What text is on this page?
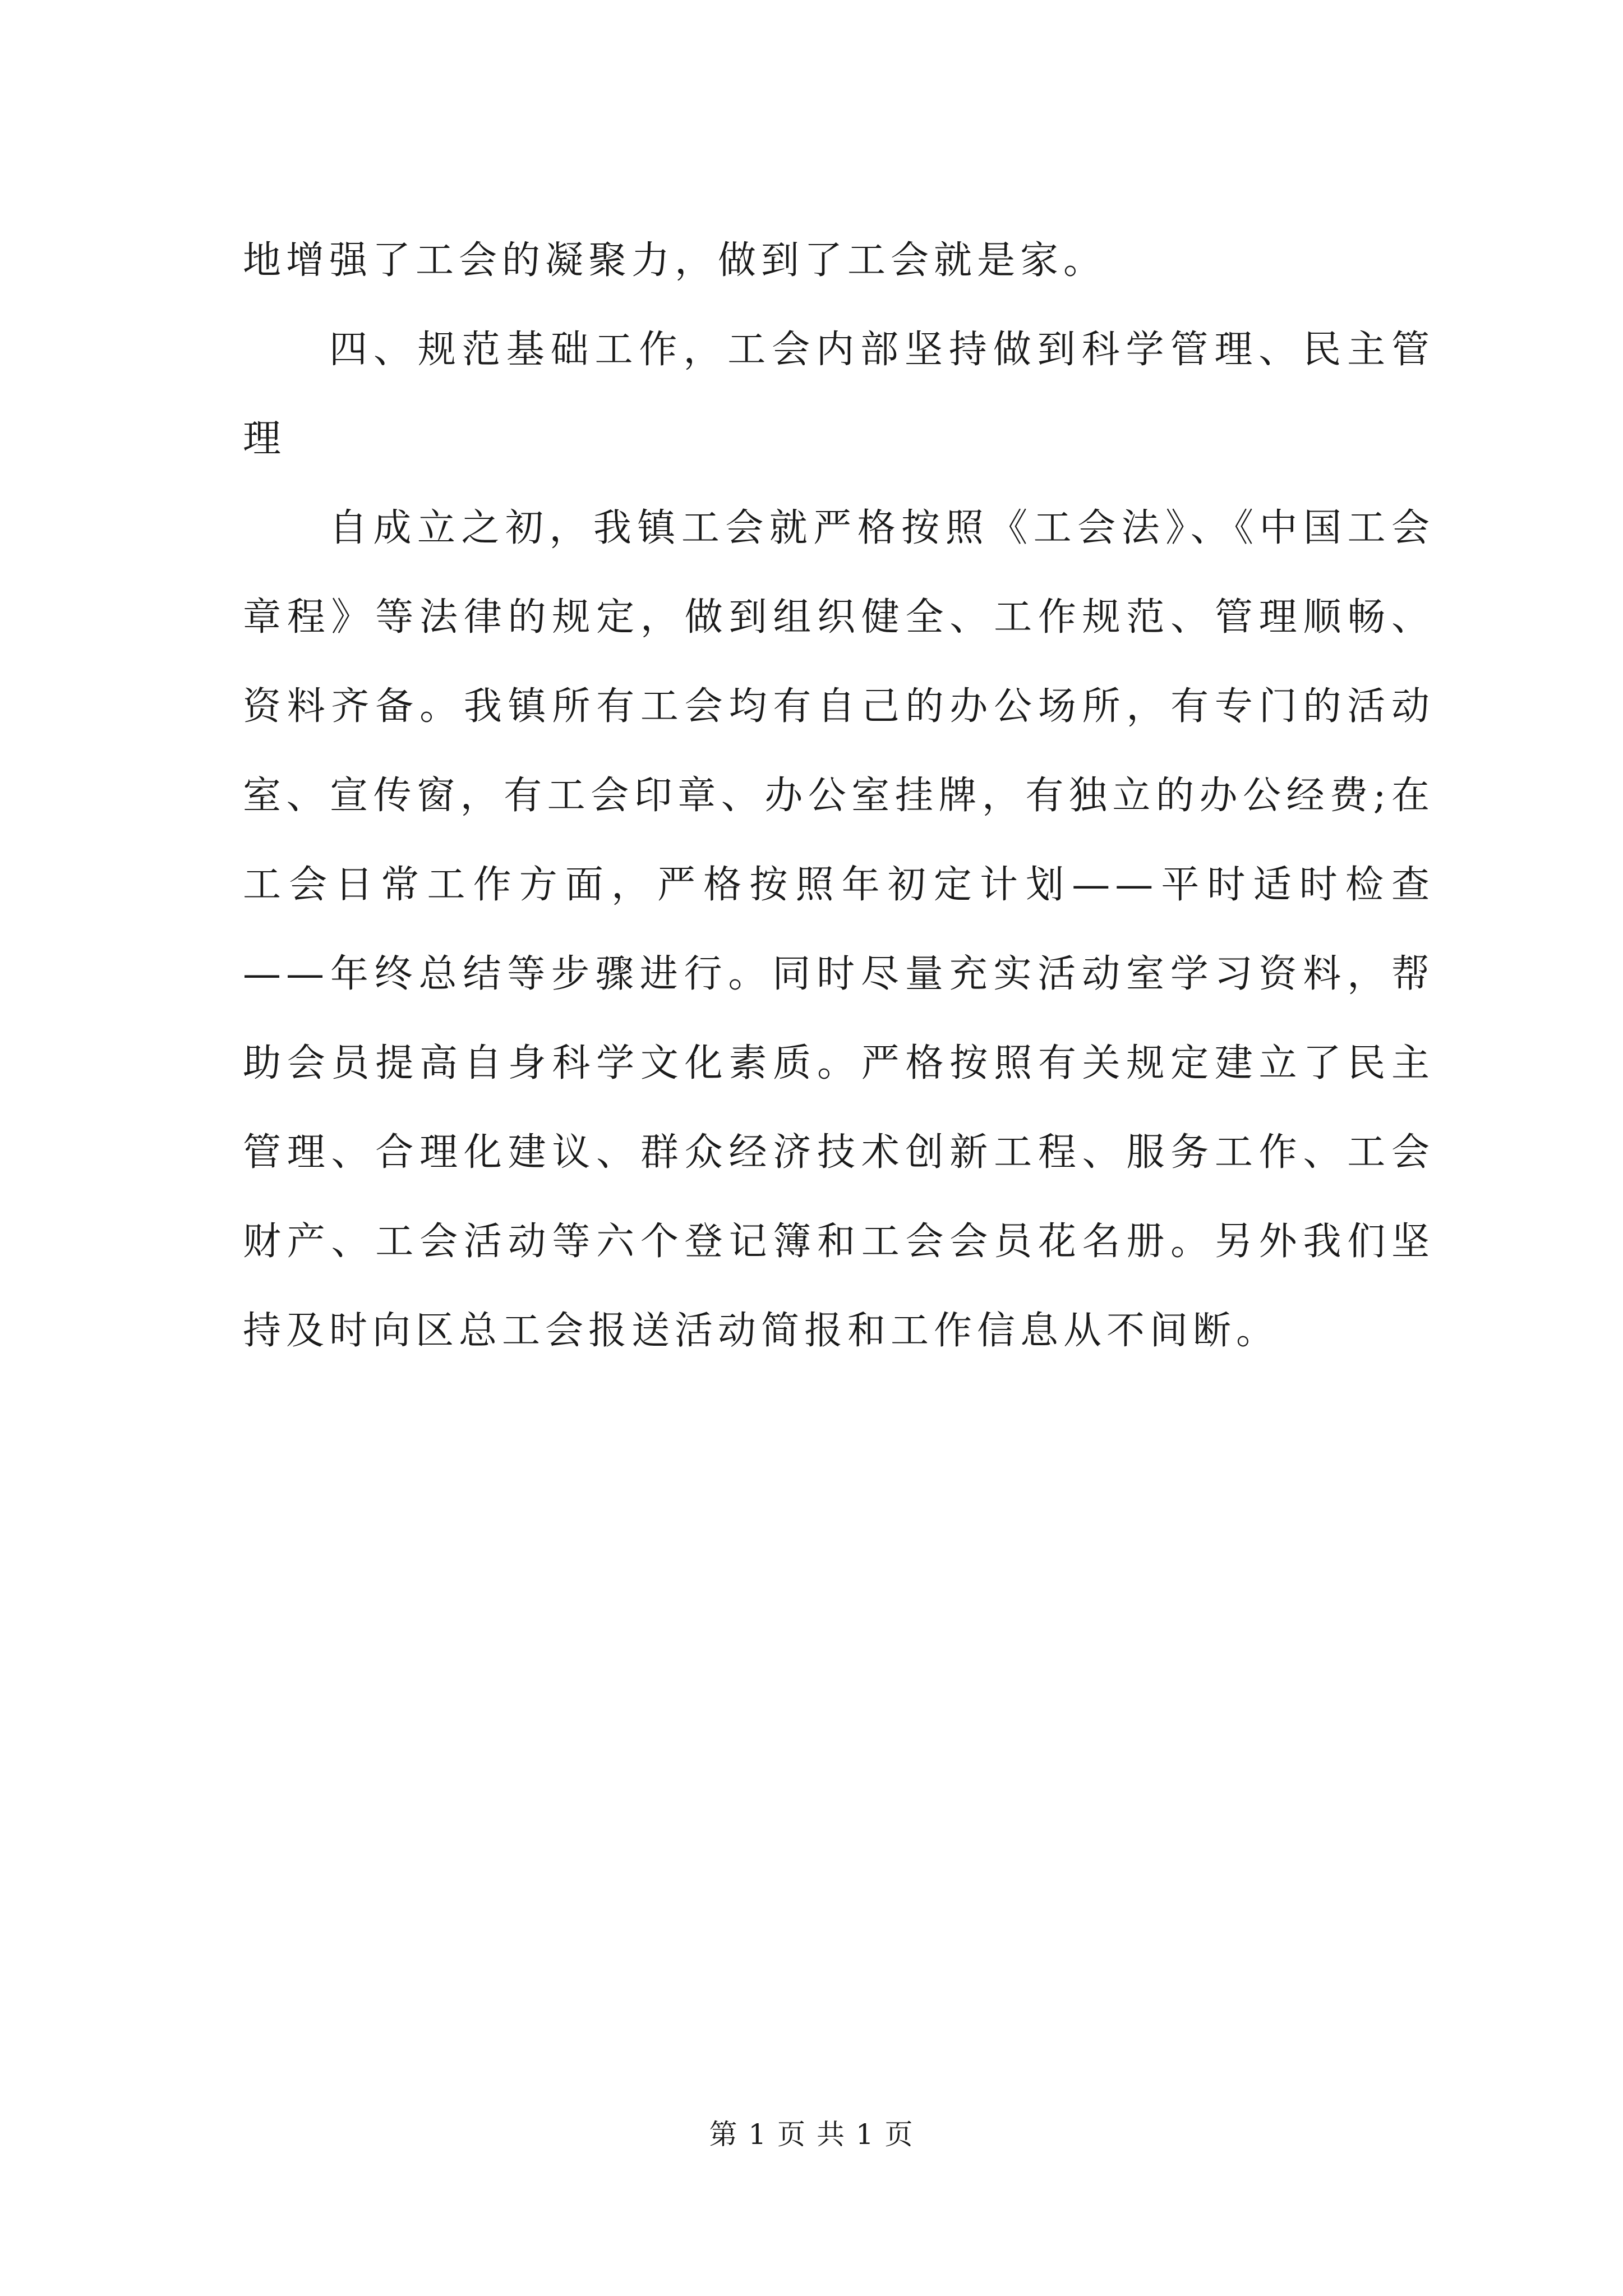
地增强了工会的凝聚力，做到了工会就是家。

四、规范基础工作，工会内部坚持做到科学管理、民主管理

自成立之初，我镇工会就严格按照《工会法》、《中国工会章程》等法律的规定，做到组织健全、工作规范、管理顺畅、资料齐备。我镇所有工会均有自己的办公场所，有专门的活动室、宣传窗，有工会印章、办公室挂牌，有独立的办公经费;在工会日常工作方面，严格按照年初定计划——平时适时检查——年终总结等步骤进行。同时尽量充实活动室学习资料，帮助会员提高自身科学文化素质。严格按照有关规定建立了民主管理、合理化建议、群众经济技术创新工程、服务工作、工会财产、工会活动等六个登记簿和工会会员花名册。另外我们坚持及时向区总工会报送活动简报和工作信息从不间断。

第 1 页 共 1 页
